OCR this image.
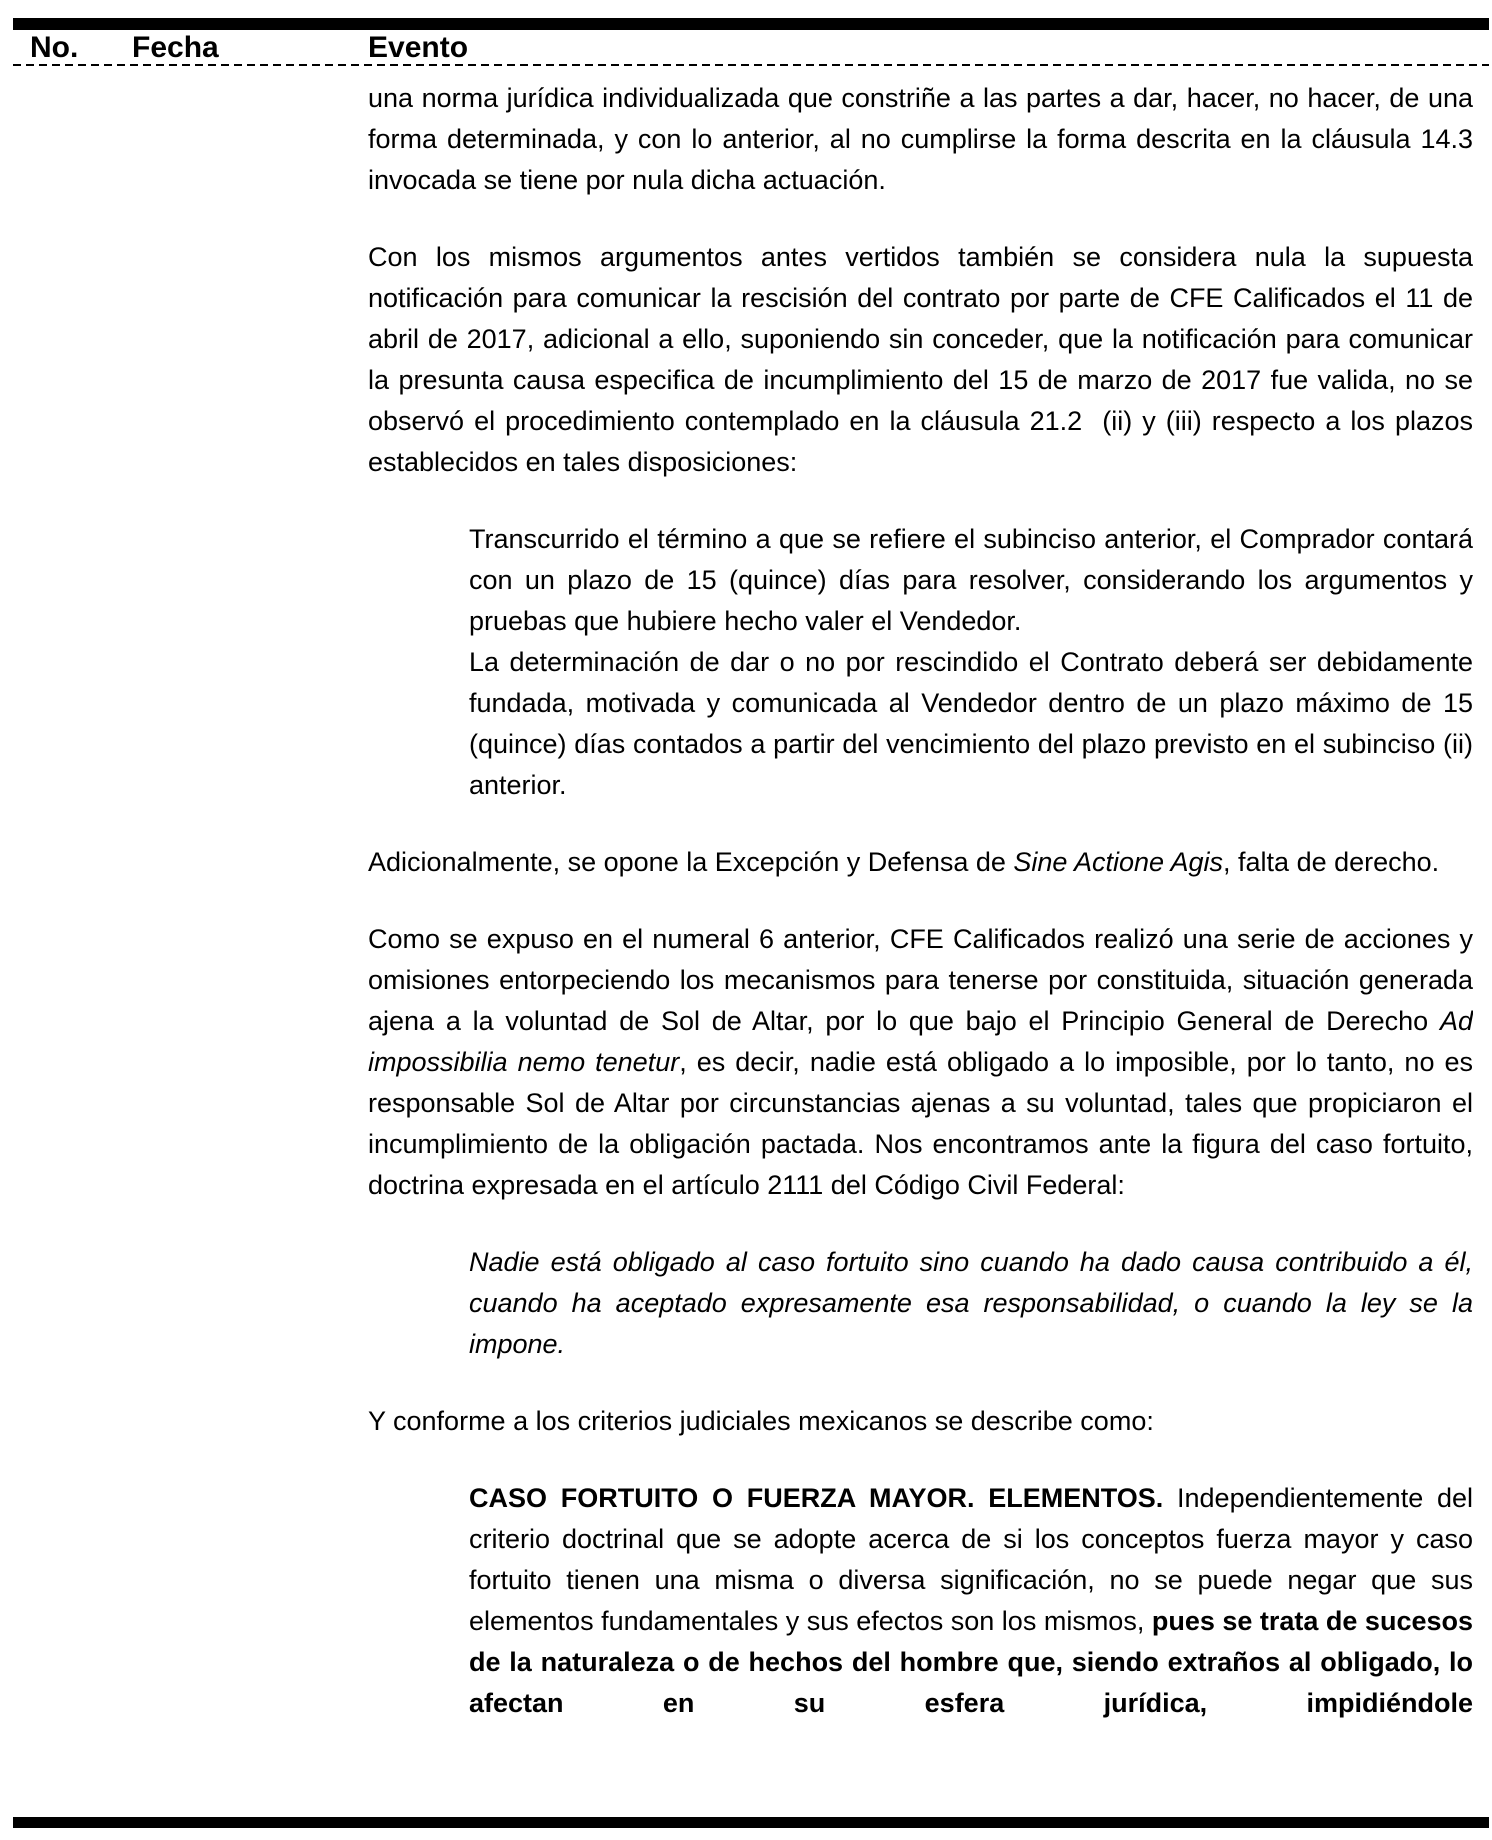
No. Fecha	Evento

una norma jurídica individualizada que constriñe a las partes a dar, hacer, no hacer, de una forma determinada, y con lo anterior, al no cumplirse la forma descrita en la cláusula 14.3 invocada se tiene por nula dicha actuación.

Con los mismos argumentos antes vertidos también se considera nula la supuesta notificación para comunicar la rescisión del contrato por parte de CFE Calificados el 11 de abril de 2017, adicional a ello, suponiendo sin conceder, que la notificación para comunicar la presunta causa especifica de incumplimiento del 15 de marzo de 2017 fue valida, no se observó el procedimiento contemplado en la cláusula 21.2  (ii) y (iii) respecto a los plazos establecidos en tales disposiciones:

Transcurrido el término a que se refiere el subinciso anterior, el Comprador contará con un plazo de 15 (quince) días para resolver, considerando los argumentos y pruebas que hubiere hecho valer el Vendedor.

La determinación de dar o no por rescindido el Contrato deberá ser debidamente fundada, motivada y comunicada al Vendedor dentro de un plazo máximo de 15 (quince) días contados a partir del vencimiento del plazo previsto en el subinciso (ii) anterior.

Adicionalmente, se opone la Excepción y Defensa de Sine Actione Agis, falta de derecho.

Como se expuso en el numeral 6 anterior, CFE Calificados realizó una serie de acciones y omisiones entorpeciendo los mecanismos para tenerse por constituida, situación generada ajena a la voluntad de Sol de Altar, por lo que bajo el Principio General de Derecho Ad impossibilia nemo tenetur, es decir, nadie está obligado a lo imposible, por lo tanto, no es responsable Sol de Altar por circunstancias ajenas a su voluntad, tales que propiciaron el incumplimiento de la obligación pactada. Nos encontramos ante la figura del caso fortuito, doctrina expresada en el artículo 2111 del Código Civil Federal:

Nadie está obligado al caso fortuito sino cuando ha dado causa contribuido a él, cuando ha aceptado expresamente esa responsabilidad, o cuando la ley se la impone.

Y conforme a los criterios judiciales mexicanos se describe como:

CASO FORTUITO O FUERZA MAYOR. ELEMENTOS. Independientemente del criterio doctrinal que se adopte acerca de si los conceptos fuerza mayor y caso fortuito tienen una misma o diversa significación, no se puede negar que sus elementos fundamentales y sus efectos son los mismos, pues se trata de sucesos de la naturaleza o de hechos del hombre que, siendo extraños al obligado, lo afectan en su esfera jurídica, impidiéndole
